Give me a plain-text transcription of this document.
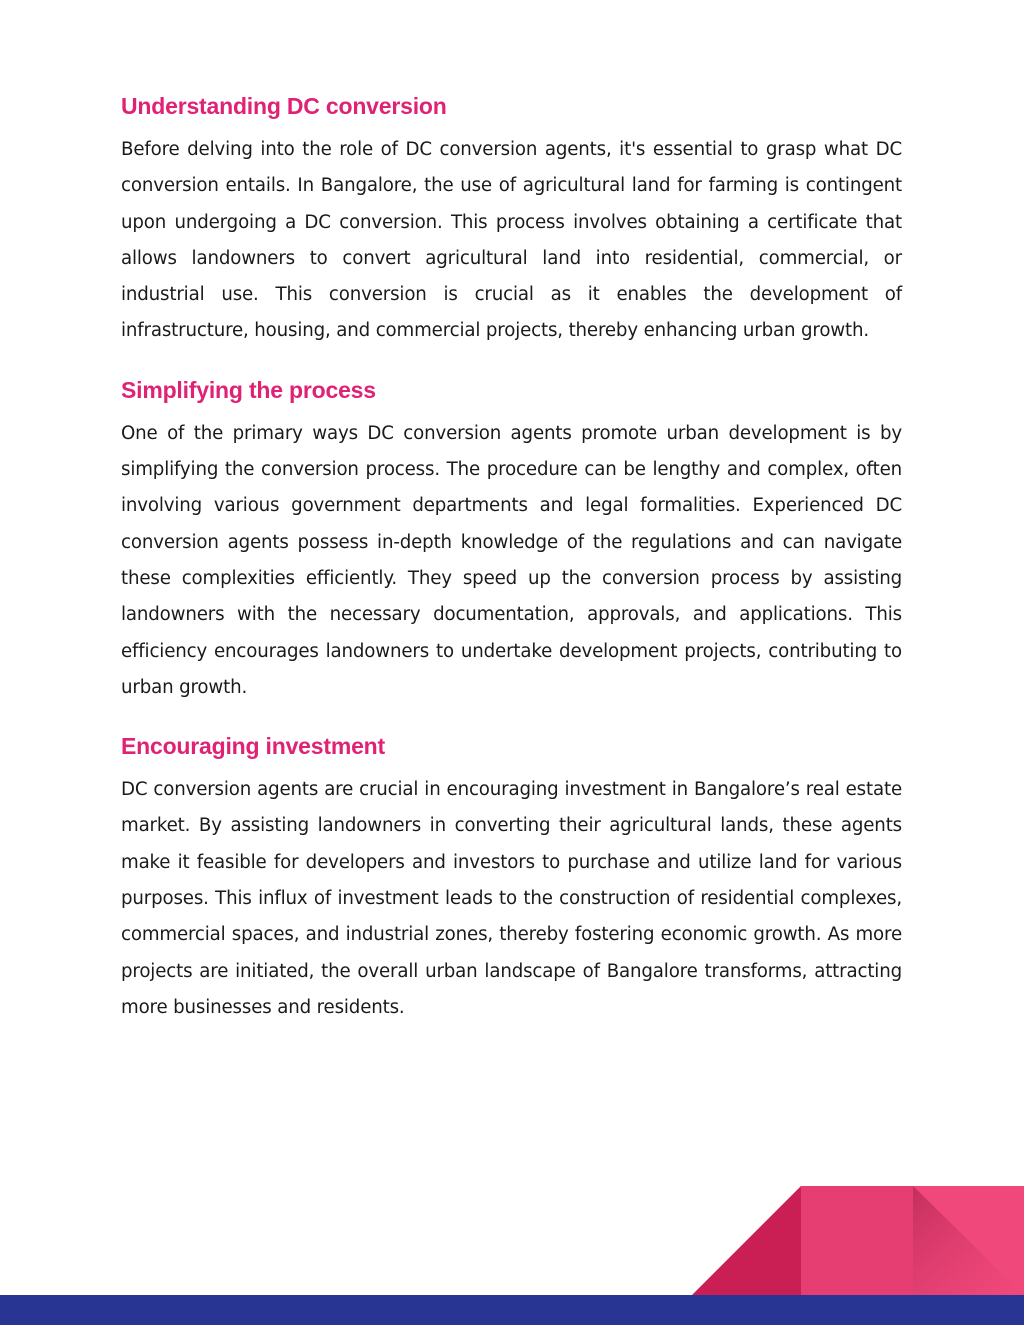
Understanding DC conversion

Before delving into the role of DC conversion agents, it's essential to grasp what DC conversion entails. In Bangalore, the use of agricultural land for farming is contingent upon undergoing a DC conversion. This process involves obtaining a certificate that allows landowners to convert agricultural land into residential, commercial, or industrial use. This conversion is crucial as it enables the development of infrastructure, housing, and commercial projects, thereby enhancing urban growth.

Simplifying the process

One of the primary ways DC conversion agents promote urban development is by simplifying the conversion process. The procedure can be lengthy and complex, often involving various government departments and legal formalities. Experienced DC conversion agents possess in-depth knowledge of the regulations and can navigate these complexities efficiently. They speed up the conversion process by assisting landowners with the necessary documentation, approvals, and applications. This efficiency encourages landowners to undertake development projects, contributing to urban growth.

Encouraging investment

DC conversion agents are crucial in encouraging investment in Bangalore’s real estate market. By assisting landowners in converting their agricultural lands, these agents make it feasible for developers and investors to purchase and utilize land for various purposes. This influx of investment leads to the construction of residential complexes, commercial spaces, and industrial zones, thereby fostering economic growth. As more projects are initiated, the overall urban landscape of Bangalore transforms, attracting more businesses and residents.
